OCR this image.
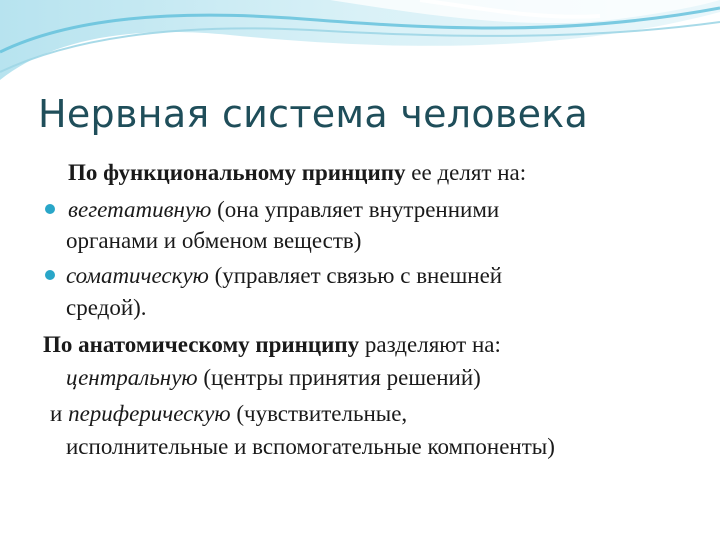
Нервная система человека
По функциональному принципу ее делят на:
вегетативную (она управляет внутренними
органами и обменом веществ)
соматическую (управляет связью с внешней
средой).
По анатомическому принципу разделяют на:
центральную (центры принятия решений)
и периферическую (чувствительные,
исполнительные и вспомогательные компоненты)
